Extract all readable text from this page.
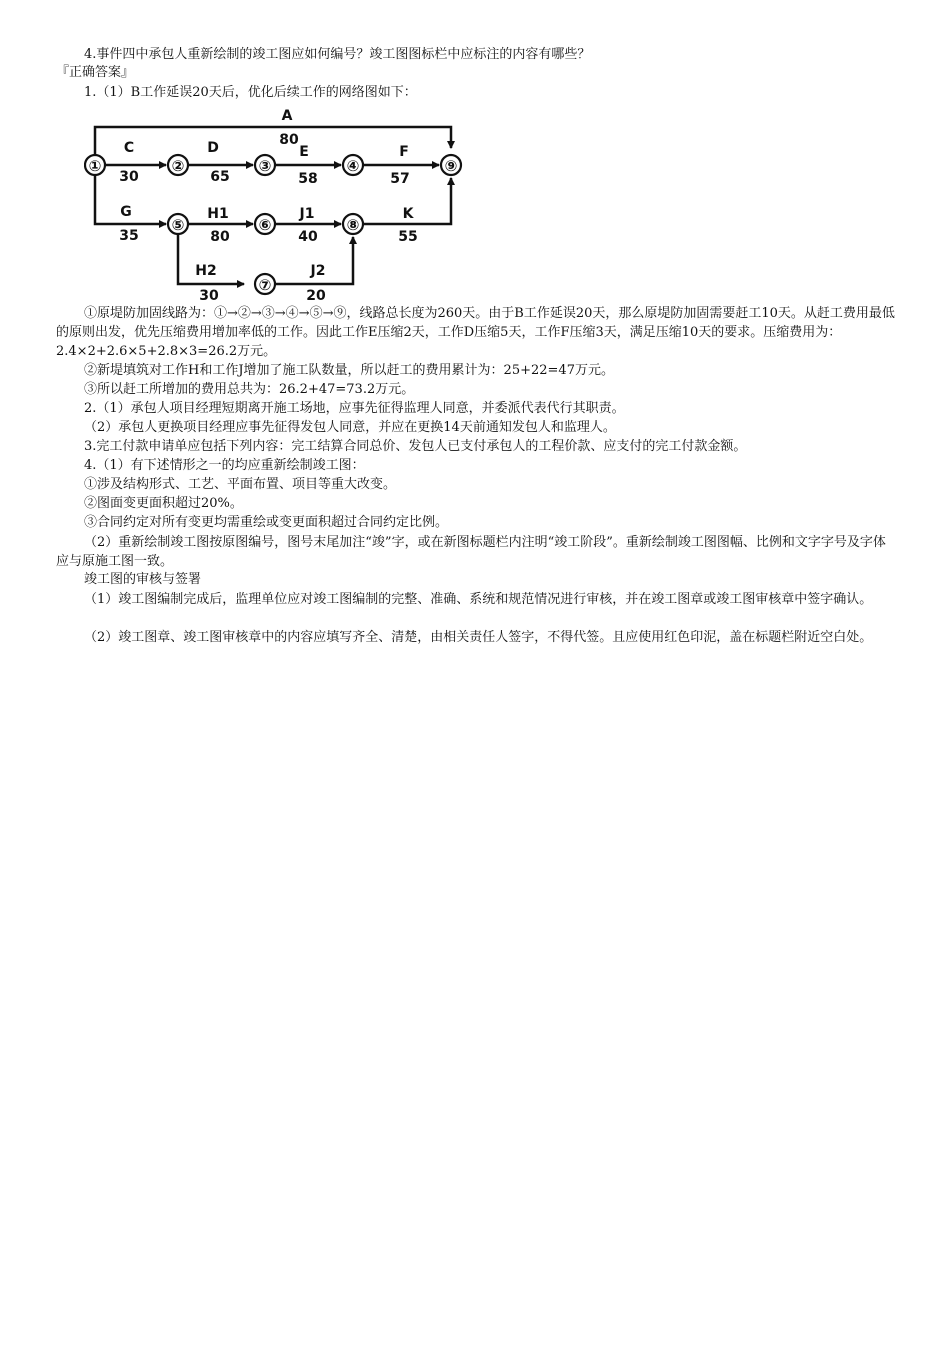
4.事件四中承包人重新绘制的竣工图应如何编号？竣工图图标栏中应标注的内容有哪些？
『正确答案』
1.（1）B工作延误20天后，优化后续工作的网络图如下：
①	②	③	④
⑤	⑥
⑦
⑧
⑨
A
80
C
30
D
65
E
58
F
57
G
35
H1
80
J1
40
K
55
H2
30
J2
20
①原堤防加固线路为：①→②→③→④→⑤→⑨，线路总长度为260天。由于B工作延误20天，那么原堤防加固需要赶工10天。从赶工费用最低的原则出发，优先压缩费用增加率低的工作。因此工作E压缩2天，工作D压缩5天，工作F压缩3天，满足压缩10天的要求。压缩费用为：2.4×2+2.6×5+2.8×3=26.2万元。
②新堤填筑对工作H和工作J增加了施工队数量，所以赶工的费用累计为：25+22=47万元。
③所以赶工所增加的费用总共为：26.2+47=73.2万元。
2.（1）承包人项目经理短期离开施工场地，应事先征得监理人同意，并委派代表代行其职责。
（2）承包人更换项目经理应事先征得发包人同意，并应在更换14天前通知发包人和监理人。
3.完工付款申请单应包括下列内容：完工结算合同总价、发包人已支付承包人的工程价款、应支付的完工付款金额。
4.（1）有下述情形之一的均应重新绘制竣工图：
①涉及结构形式、工艺、平面布置、项目等重大改变。
②图面变更面积超过20%。
③合同约定对所有变更均需重绘或变更面积超过合同约定比例。
（2）重新绘制竣工图按原图编号，图号末尾加注“竣”字，或在新图标题栏内注明“竣工阶段”。重新绘制竣工图图幅、比例和文字字号及字体应与原施工图一致。
竣工图的审核与签署
（1）竣工图编制完成后，监理单位应对竣工图编制的完整、准确、系统和规范情况进行审核，并在竣工图章或竣工图审核章中签字确认。
（2）竣工图章、竣工图审核章中的内容应填写齐全、清楚，由相关责任人签字，不得代签。且应使用红色印泥，盖在标题栏附近空白处。
